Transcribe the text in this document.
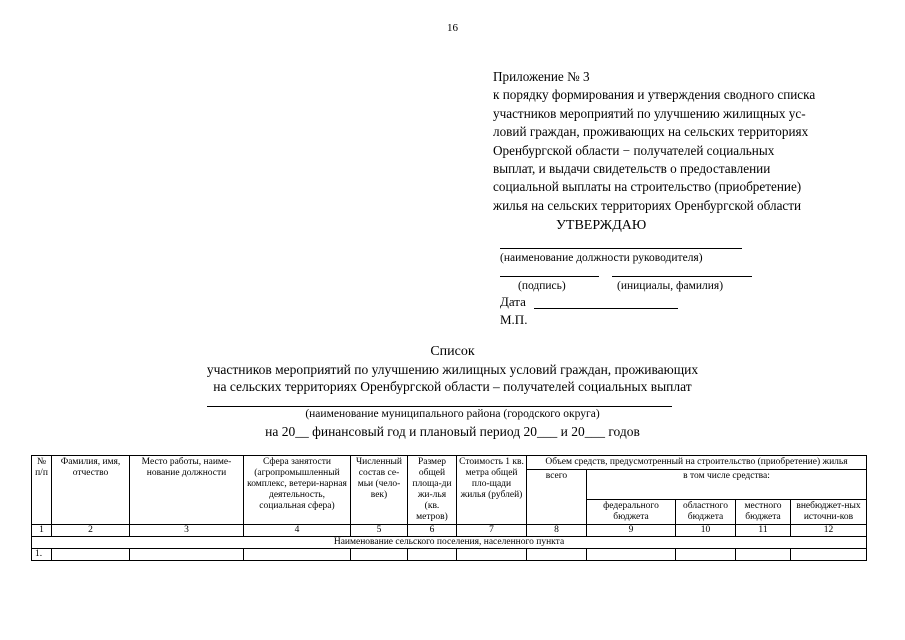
16
Приложение № 3
к порядку формирования и утверждения сводного списка
участников мероприятий по улучшению жилищных ус-
ловий граждан, проживающих на сельских территориях
Оренбургской области − получателей социальных
выплат, и выдачи свидетельств о предоставлении
социальной выплаты на строительство (приобретение)
жилья на сельских территориях Оренбургской области
УТВЕРЖДАЮ
(наименование должности руководителя)
(подпись)	(инициалы, фамилия)
Дата
М.П.
Список
участников мероприятий по улучшению жилищных условий граждан, проживающих
на сельских территориях Оренбургской области – получателей социальных выплат
(наименование муниципального района (городского округа)
на 20__ финансовый год и плановый период 20___ и 20___ годов
№ п/п	Фамилия, имя, отчество	Место работы, наиме-нование должности	Сфера занятости (агропромышленный комплекс, ветери-нарная деятельность, социальная сфера)	Численный состав се-мьи (чело-век)	Размер общей площа-ди жи-лья (кв. метров)	Стоимость 1 кв. метра общей пло-щади жилья (рублей)	Объем средств, предусмотренный на строительство (приобретение) жилья				
							всего	в том числе средства:			
								федерального бюджета	областного бюджета	местного бюджета	внебюджет-ных источни-ков
1	2	3	4	5	6	7	8	9	10	11	12
Наименование сельского поселения, населенного пункта											
1.											
